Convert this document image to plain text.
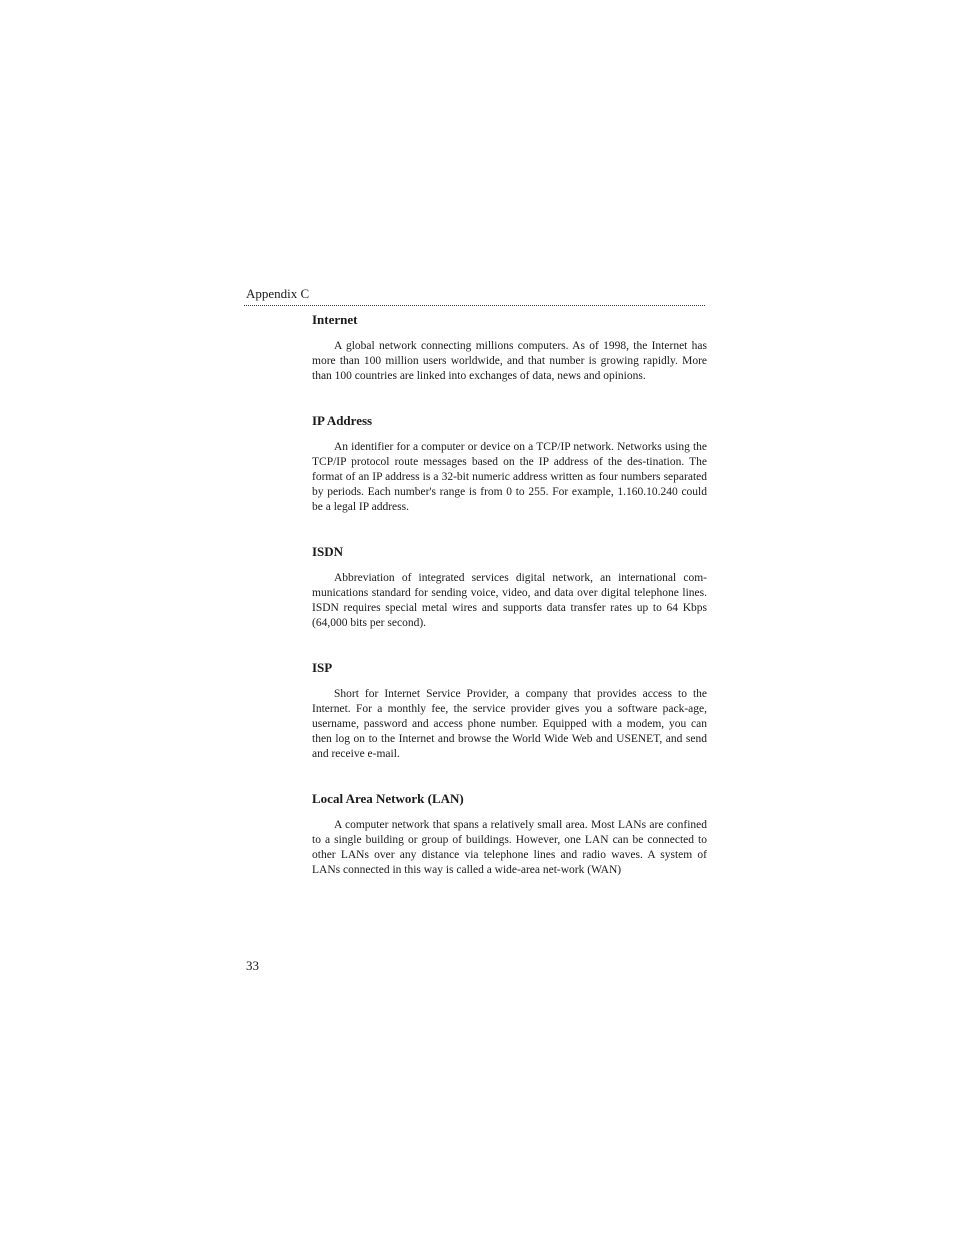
Appendix C
Internet

A global network connecting millions computers. As of 1998, the Internet has more than 100 million users worldwide, and that number is growing rapidly. More than 100 countries are linked into exchanges of data, news and opinions.

IP Address

An identifier for a computer or device on a TCP/IP network. Networks using the TCP/IP protocol route messages based on the IP address of the des-tination. The format of an IP address is a 32-bit numeric address written as four numbers separated by periods. Each number's range is from 0 to 255. For example, 1.160.10.240 could be a legal IP address.

ISDN

Abbreviation of integrated services digital network, an international com-munications standard for sending voice, video, and data over digital telephone lines. ISDN requires special metal wires and supports data transfer rates up to 64 Kbps (64,000 bits per second).

ISP

Short for Internet Service Provider, a company that provides access to the Internet. For a monthly fee, the service provider gives you a software pack-age, username, password and access phone number. Equipped with a modem, you can then log on to the Internet and browse the World Wide Web and USENET, and send and receive e-mail.

Local Area Network (LAN)

A computer network that spans a relatively small area. Most LANs are confined to a single building or group of buildings. However, one LAN can be connected to other LANs over any distance via telephone lines and radio waves. A system of LANs connected in this way is called a wide-area net-work (WAN)

33
